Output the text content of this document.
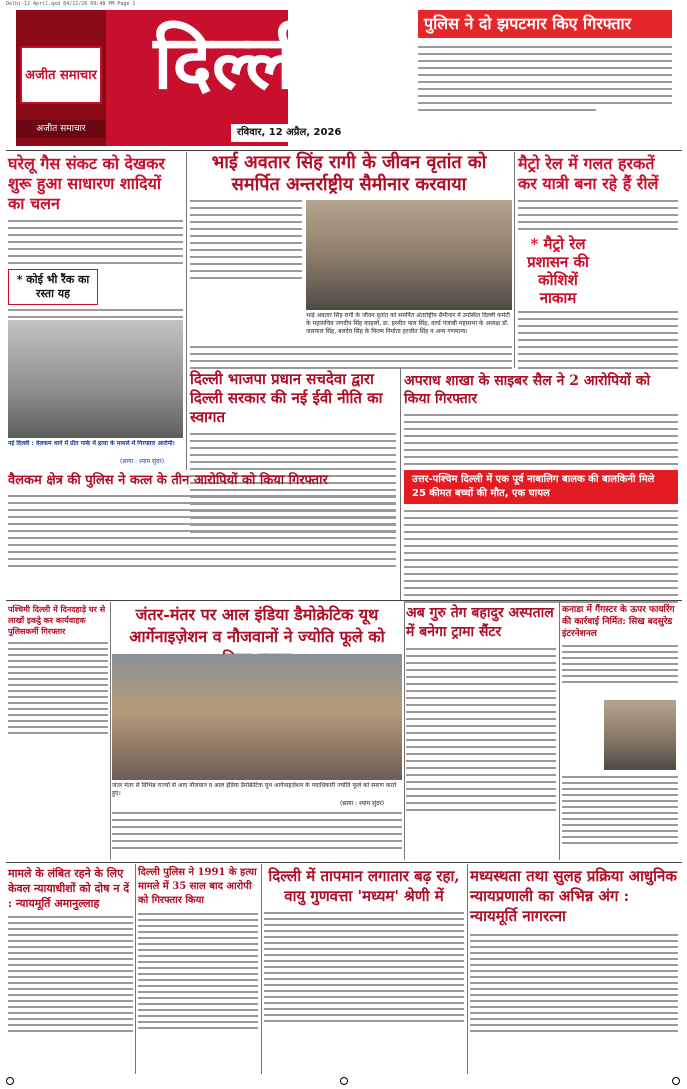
Delhi-12 April.qxd 04/12/26 09:48 PM Page 1
अजीत समाचार
अजीत समाचार
दिल्ली
रविवार, 12 अप्रैल, 2026
पुलिस ने दो झपटमार किए गिरफ्तार
घरेलू गैस संकट को देखकर शुरू हुआ साधारण शादियों का चलन
* कोई भी रैंक का रस्ता यह
भाई अवतार सिंह रागी के जीवन वृतांत को समर्पित अन्तर्राष्ट्रीय सैमीनार करवाया
भाई अवतार सिंह रागी के जीवन वृतांत को समर्पित अंतर्राष्ट्रीय सैमीनार में उपस्थित दिल्ली कमेटी के महासचिव जगदीप सिंह काहलों, डा. हरमीत पाल सिंह, वर्ल्ड पंजाबी महासभा के अध्यक्ष डॉ. जसपाल सिंह, बलदेव सिंह के फिल्म निर्माता हरजीत सिंह व अन्य गणमान्य।
मैट्रो रेल में गलत हरकतें कर यात्री बना रहे हैं रीलें
* मैट्रो रेल प्रशासन की कोशिशें नाकाम
नई दिल्ली : वेलकम थाने में प्रीत पार्क में हत्या के मामले में गिरफ्तार आरोपी।
(छाया : श्याम सुंदर)
दिल्ली भाजपा प्रधान सचदेवा द्वारा दिल्ली सरकार की नई ईवी नीति का स्वागत
अपराध शाखा के साइबर सैल ने 2 आरोपियों को किया गिरफ्तार
वैलकम क्षेत्र की पुलिस ने कत्ल के तीन आरोपियों को किया गिरफ्तार	उत्तर-पश्चिम दिल्ली में एक पूर्व नाबालिग बालक की बालकिनी मिले 25 कीमत बच्चों की मौत, एक घायल
पश्चिमी दिल्ली में दिनदहाड़े घर से लाखों इकट्ठे कर कार्यवाहक पुलिसकर्मी गिरफ्तार
जंतर-मंतर पर आल इंडिया डैमोक्रेटिक यूथ आर्गेनाइज़ेशन व नौजवानों ने ज्योति फूले को
जंतर मंतर से विभिन्न राज्यों से आए नौजवान व आल इंडिया डैमोक्रेटिक यूथ आर्गेनाइज़ेशन के पदाधिकारी ज्योति फूले को स्मरण करते हुए।
(छाया : श्याम सुंदर)
अब गुरु तेग बहादुर अस्पताल में बनेगा ट्रामा सैंटर
कनाडा में गैंगस्टर के ऊपर फायरिंग की कार्रवाई निर्मित: सिख बदसुरेड इंटरनेशनल
मामले के लंबित रहने के लिए केवल न्यायाधीशों को दोष न दें : न्यायमूर्ति अमानुल्लाह
दिल्ली पुलिस ने 1991 के हत्या मामले में 35 साल बाद आरोपी को गिरफ्तार किया
दिल्ली में तापमान लगातार बढ़ रहा, वायु गुणवत्ता 'मध्यम' श्रेणी में
मध्यस्थता तथा सुलह प्रक्रिया आधुनिक न्यायप्रणाली का अभिन्न अंग : न्यायमूर्ति नागरत्ना
